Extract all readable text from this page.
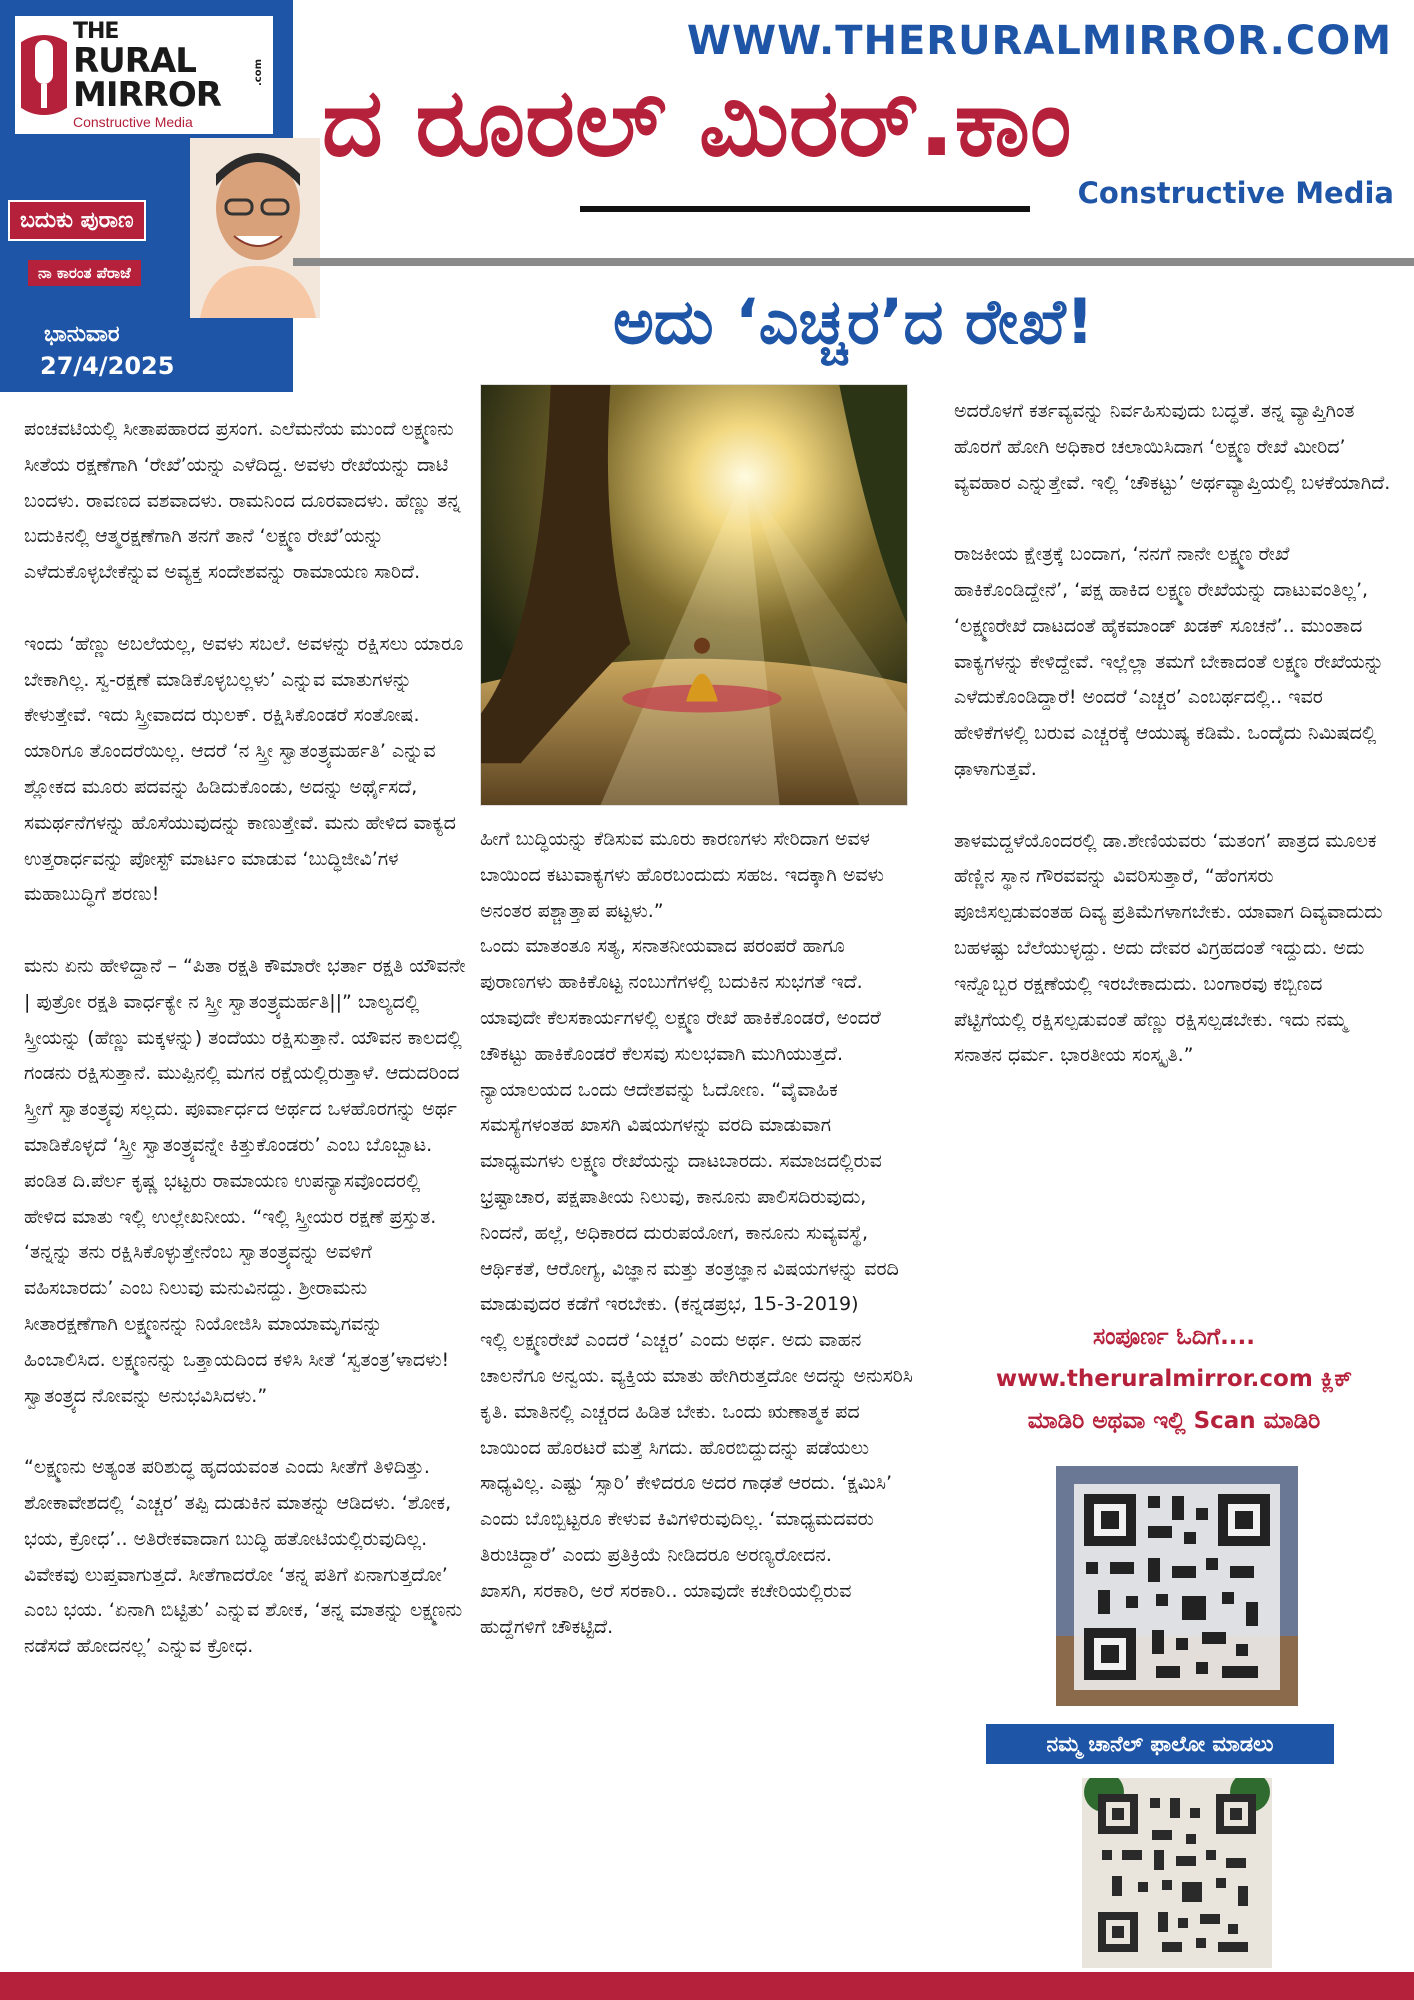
THE
RURAL
MIRROR
Constructive Media
.com
ಬದುಕು ಪುರಾಣ
ನಾ ಕಾರಂತ ಪೆರಾಜೆ
ಭಾನುವಾರ
27/4/2025
WWW.THERURALMIRROR.COM
ದ ರೂರಲ್ ಮಿರರ್.ಕಾಂ
Constructive Media
ಅದು ‘ಎಚ್ಚರ’ದ ರೇಖೆ!

ಪಂಚವಟಿಯಲ್ಲಿ ಸೀತಾಪಹಾರದ ಪ್ರಸಂಗ. ಎಲೆಮನೆಯ ಮುಂದೆ ಲಕ್ಷ್ಮಣನು ಸೀತೆಯ ರಕ್ಷಣೆಗಾಗಿ ‘ರೇಖೆ’ಯನ್ನು ಎಳೆದಿದ್ದ. ಅವಳು ರೇಖೆಯನ್ನು ದಾಟಿ ಬಂದಳು. ರಾವಣದ ವಶವಾದಳು. ರಾಮನಿಂದ ದೂರವಾದಳು. ಹೆಣ್ಣು ತನ್ನ ಬದುಕಿನಲ್ಲಿ ಆತ್ಮರಕ್ಷಣೆಗಾಗಿ ತನಗೆ ತಾನೆ ‘ಲಕ್ಷ್ಮಣ ರೇಖೆ’ಯನ್ನು ಎಳೆದುಕೊಳ್ಳಬೇಕೆನ್ನುವ ಅವ್ಯಕ್ತ ಸಂದೇಶವನ್ನು ರಾಮಾಯಣ ಸಾರಿದೆ.

ಇಂದು ‘ಹೆಣ್ಣು ಅಬಲೆಯಲ್ಲ, ಅವಳು ಸಬಲೆ. ಅವಳನ್ನು ರಕ್ಷಿಸಲು ಯಾರೂ ಬೇಕಾಗಿಲ್ಲ. ಸ್ವ-ರಕ್ಷಣೆ ಮಾಡಿಕೊಳ್ಳಬಲ್ಲಳು’ ಎನ್ನುವ ಮಾತುಗಳನ್ನು ಕೇಳುತ್ತೇವೆ. ಇದು ಸ್ತ್ರೀವಾದದ ಝಲಕ್. ರಕ್ಷಿಸಿಕೊಂಡರೆ ಸಂತೋಷ. ಯಾರಿಗೂ ತೊಂದರೆಯಿಲ್ಲ. ಆದರೆ ‘ನ ಸ್ತ್ರೀ ಸ್ವಾತಂತ್ರ್ಯಮರ್ಹತಿ’ ಎನ್ನುವ ಶ್ಲೋಕದ ಮೂರು ಪದವನ್ನು ಹಿಡಿದುಕೊಂಡು, ಅದನ್ನು ಅರ್ಥೈಸದೆ, ಸಮರ್ಥನೆಗಳನ್ನು ಹೊಸೆಯುವುದನ್ನು ಕಾಣುತ್ತೇವೆ. ಮನು ಹೇಳಿದ ವಾಕ್ಯದ ಉತ್ತರಾರ್ಧವನ್ನು ಪೋಸ್ಟ್ ಮಾರ್ಟಂ ಮಾಡುವ ‘ಬುದ್ಧಿಜೀವಿ’ಗಳ ಮಹಾಬುದ್ಧಿಗೆ ಶರಣು!

ಮನು ಏನು ಹೇಳಿದ್ದಾನೆ – “ಪಿತಾ ರಕ್ಷತಿ ಕೌಮಾರೇ ಭರ್ತಾ ರಕ್ಷತಿ ಯೌವನೇ | ಪುತ್ರೋ ರಕ್ಷತಿ ವಾರ್ಧಕ್ಯೇ ನ ಸ್ತ್ರೀ ಸ್ವಾತಂತ್ರ್ಯಮರ್ಹತಿ||” ಬಾಲ್ಯದಲ್ಲಿ ಸ್ತ್ರೀಯನ್ನು (ಹೆಣ್ಣು ಮಕ್ಕಳನ್ನು) ತಂದೆಯು ರಕ್ಷಿಸುತ್ತಾನೆ. ಯೌವನ ಕಾಲದಲ್ಲಿ ಗಂಡನು ರಕ್ಷಿಸುತ್ತಾನೆ. ಮುಪ್ಪಿನಲ್ಲಿ ಮಗನ ರಕ್ಷೆಯಲ್ಲಿರುತ್ತಾಳೆ. ಆದುದರಿಂದ ಸ್ತ್ರೀಗೆ ಸ್ವಾತಂತ್ರ್ಯವು ಸಲ್ಲದು. ಪೂರ್ವಾರ್ಧದ ಅರ್ಥದ ಒಳಹೊರಗನ್ನು ಅರ್ಥ ಮಾಡಿಕೊಳ್ಳದೆ ‘ಸ್ತ್ರೀ ಸ್ವಾತಂತ್ರ್ಯವನ್ನೇ ಕಿತ್ತುಕೊಂಡರು’ ಎಂಬ ಬೊಬ್ಬಾಟ.

ಪಂಡಿತ ದಿ.ಪೆರ್ಲ ಕೃಷ್ಣ ಭಟ್ಟರು ರಾಮಾಯಣ ಉಪನ್ಯಾಸವೊಂದರಲ್ಲಿ ಹೇಳಿದ ಮಾತು ಇಲ್ಲಿ ಉಲ್ಲೇಖನೀಯ. “ಇಲ್ಲಿ ಸ್ತ್ರೀಯರ ರಕ್ಷಣೆ ಪ್ರಸ್ತುತ. ‘ತನ್ನನ್ನು ತನು ರಕ್ಷಿಸಿಕೊಳ್ಳುತ್ತೇನೆಂಬ ಸ್ವಾತಂತ್ರ್ಯವನ್ನು ಅವಳಿಗೆ ವಹಿಸಬಾರದು’ ಎಂಬ ನಿಲುವು ಮನುವಿನದ್ದು. ಶ್ರೀರಾಮನು ಸೀತಾರಕ್ಷಣೆಗಾಗಿ ಲಕ್ಷ್ಮಣನನ್ನು ನಿಯೋಜಿಸಿ ಮಾಯಾಮೃಗವನ್ನು ಹಿಂಬಾಲಿಸಿದ. ಲಕ್ಷ್ಮಣನನ್ನು ಒತ್ತಾಯದಿಂದ ಕಳಿಸಿ ಸೀತೆ ‘ಸ್ವತಂತ್ರ’ಳಾದಳು! ಸ್ವಾತಂತ್ರ್ಯದ ನೋವನ್ನು ಅನುಭವಿಸಿದಳು.”

“ಲಕ್ಷ್ಮಣನು ಅತ್ಯಂತ ಪರಿಶುದ್ಧ ಹೃದಯವಂತ ಎಂದು ಸೀತೆಗೆ ತಿಳಿದಿತ್ತು. ಶೋಕಾವೇಶದಲ್ಲಿ ‘ಎಚ್ಚರ’ ತಪ್ಪಿ ದುಡುಕಿನ ಮಾತನ್ನು ಆಡಿದಳು. ‘ಶೋಕ, ಭಯ, ಕ್ರೋಧ’.. ಅತಿರೇಕವಾದಾಗ ಬುದ್ಧಿ ಹತೋಟಿಯಲ್ಲಿರುವುದಿಲ್ಲ. ವಿವೇಕವು ಲುಪ್ತವಾಗುತ್ತದೆ. ಸೀತೆಗಾದರೋ ‘ತನ್ನ ಪತಿಗೆ ಏನಾಗುತ್ತದೋ’ ಎಂಬ ಭಯ. ‘ಏನಾಗಿ ಬಿಟ್ಟಿತು’ ಎನ್ನುವ ಶೋಕ, ‘ತನ್ನ ಮಾತನ್ನು ಲಕ್ಷ್ಮಣನು ನಡೆಸದೆ ಹೋದನಲ್ಲ’ ಎನ್ನುವ ಕ್ರೋಧ.

ಹೀಗೆ ಬುದ್ಧಿಯನ್ನು ಕೆಡಿಸುವ ಮೂರು ಕಾರಣಗಳು ಸೇರಿದಾಗ ಅವಳ ಬಾಯಿಂದ ಕಟುವಾಕ್ಯಗಳು ಹೊರಬಂದುದು ಸಹಜ. ಇದಕ್ಕಾಗಿ ಅವಳು ಅನಂತರ ಪಶ್ಚಾತ್ತಾಪ ಪಟ್ಟಳು.”

ಒಂದು ಮಾತಂತೂ ಸತ್ಯ, ಸನಾತನೀಯವಾದ ಪರಂಪರೆ ಹಾಗೂ ಪುರಾಣಗಳು ಹಾಕಿಕೊಟ್ಟ ನಂಬುಗೆಗಳಲ್ಲಿ ಬದುಕಿನ ಸುಭಗತೆ ಇದೆ. ಯಾವುದೇ ಕೆಲಸಕಾರ್ಯಗಳಲ್ಲಿ ಲಕ್ಷ್ಮಣ ರೇಖೆ ಹಾಕಿಕೊಂಡರೆ, ಅಂದರೆ ಚೌಕಟ್ಟು ಹಾಕಿಕೊಂಡರೆ ಕೆಲಸವು ಸುಲಭವಾಗಿ ಮುಗಿಯುತ್ತದೆ.

ನ್ಯಾಯಾಲಯದ ಒಂದು ಆದೇಶವನ್ನು ಓದೋಣ. “ವೈವಾಹಿಕ ಸಮಸ್ಯೆಗಳಂತಹ ಖಾಸಗಿ ವಿಷಯಗಳನ್ನು ವರದಿ ಮಾಡುವಾಗ ಮಾಧ್ಯಮಗಳು ಲಕ್ಷ್ಮಣ ರೇಖೆಯನ್ನು ದಾಟಬಾರದು. ಸಮಾಜದಲ್ಲಿರುವ ಭ್ರಷ್ಟಾಚಾರ, ಪಕ್ಷಪಾತೀಯ ನಿಲುವು, ಕಾನೂನು ಪಾಲಿಸದಿರುವುದು, ನಿಂದನೆ, ಹಲ್ಲೆ, ಅಧಿಕಾರದ ದುರುಪಯೋಗ, ಕಾನೂನು ಸುವ್ಯವಸ್ಥೆ, ಆರ್ಥಿಕತೆ, ಆರೋಗ್ಯ, ವಿಜ್ಞಾನ ಮತ್ತು ತಂತ್ರಜ್ಞಾನ ವಿಷಯಗಳನ್ನು ವರದಿ ಮಾಡುವುದರ ಕಡೆಗೆ ಇರಬೇಕು. (ಕನ್ನಡಪ್ರಭ, 15-3-2019)

ಇಲ್ಲಿ ಲಕ್ಷ್ಮಣರೇಖೆ ಎಂದರೆ ‘ಎಚ್ಚರ’ ಎಂದು ಅರ್ಥ. ಅದು ವಾಹನ ಚಾಲನೆಗೂ ಅನ್ವಯ. ವ್ಯಕ್ತಿಯ ಮಾತು ಹೇಗಿರುತ್ತದೋ ಅದನ್ನು ಅನುಸರಿಸಿ ಕೃತಿ. ಮಾತಿನಲ್ಲಿ ಎಚ್ಚರದ ಹಿಡಿತ ಬೇಕು. ಒಂದು ಋಣಾತ್ಮಕ ಪದ ಬಾಯಿಂದ ಹೊರಟರೆ ಮತ್ತೆ ಸಿಗದು. ಹೊರಬಿದ್ದುದನ್ನು ಪಡೆಯಲು ಸಾಧ್ಯವಿಲ್ಲ. ಎಷ್ಟು ‘ಸ್ಸಾರಿ’ ಕೇಳಿದರೂ ಅದರ ಗಾಢತೆ ಆರದು. ‘ಕ್ಷಮಿಸಿ’ ಎಂದು ಬೊಬ್ಬಿಟ್ಟರೂ ಕೇಳುವ ಕಿವಿಗಳಿರುವುದಿಲ್ಲ. ‘ಮಾಧ್ಯಮದವರು ತಿರುಚಿದ್ದಾರೆ’ ಎಂದು ಪ್ರತಿಕ್ರಿಯೆ ನೀಡಿದರೂ ಅರಣ್ಯರೋದನ.

ಖಾಸಗಿ, ಸರಕಾರಿ, ಅರೆ ಸರಕಾರಿ.. ಯಾವುದೇ ಕಚೇರಿಯಲ್ಲಿರುವ ಹುದ್ದೆಗಳಿಗೆ ಚೌಕಟ್ಟಿದೆ.

ಅದರೊಳಗೆ ಕರ್ತವ್ಯವನ್ನು ನಿರ್ವಹಿಸುವುದು ಬದ್ಧತೆ. ತನ್ನ ವ್ಯಾಪ್ತಿಗಿಂತ ಹೊರಗೆ ಹೋಗಿ ಅಧಿಕಾರ ಚಲಾಯಿಸಿದಾಗ ‘ಲಕ್ಷ್ಮಣ ರೇಖೆ ಮೀರಿದ’ ವ್ಯವಹಾರ ಎನ್ನುತ್ತೇವೆ. ಇಲ್ಲಿ ‘ಚೌಕಟ್ಟು’ ಅರ್ಥವ್ಯಾಪ್ತಿಯಲ್ಲಿ ಬಳಕೆಯಾಗಿದೆ.

ರಾಜಕೀಯ ಕ್ಷೇತ್ರಕ್ಕೆ ಬಂದಾಗ, ‘ನನಗೆ ನಾನೇ ಲಕ್ಷ್ಮಣ ರೇಖೆ ಹಾಕಿಕೊಂಡಿದ್ದೇನೆ’, ‘ಪಕ್ಷ ಹಾಕಿದ ಲಕ್ಷ್ಮಣ ರೇಖೆಯನ್ನು ದಾಟುವಂತಿಲ್ಲ’, ‘ಲಕ್ಷ್ಮಣರೇಖೆ ದಾಟದಂತೆ ಹೈಕಮಾಂಡ್ ಖಡಕ್ ಸೂಚನೆ’.. ಮುಂತಾದ ವಾಕ್ಯಗಳನ್ನು ಕೇಳಿದ್ದೇವೆ. ಇಲ್ಲೆಲ್ಲಾ ತಮಗೆ ಬೇಕಾದಂತೆ ಲಕ್ಷ್ಮಣ ರೇಖೆಯನ್ನು ಎಳೆದುಕೊಂಡಿದ್ದಾರೆ! ಅಂದರೆ ‘ಎಚ್ಚರ’ ಎಂಬರ್ಥದಲ್ಲಿ.. ಇವರ ಹೇಳಿಕೆಗಳಲ್ಲಿ ಬರುವ ಎಚ್ಚರಕ್ಕೆ ಆಯುಷ್ಯ ಕಡಿಮೆ. ಒಂದೈದು ನಿಮಿಷದಲ್ಲಿ ಢಾಳಾಗುತ್ತವೆ.

ತಾಳಮದ್ದಳೆಯೊಂದರಲ್ಲಿ ಡಾ.ಶೇಣಿಯವರು ‘ಮತಂಗ’ ಪಾತ್ರದ ಮೂಲಕ ಹೆಣ್ಣಿನ ಸ್ಥಾನ ಗೌರವವನ್ನು ವಿವರಿಸುತ್ತಾರೆ, “ಹೆಂಗಸರು ಪೂಜಿಸಲ್ಪಡುವಂತಹ ದಿವ್ಯ ಪ್ರತಿಮೆಗಳಾಗಬೇಕು. ಯಾವಾಗ ದಿವ್ಯವಾದುದು ಬಹಳಷ್ಟು ಬೆಲೆಯುಳ್ಳದ್ದು. ಅದು ದೇವರ ವಿಗ್ರಹದಂತೆ ಇದ್ದುದು. ಅದು ಇನ್ನೊಬ್ಬರ ರಕ್ಷಣೆಯಲ್ಲಿ ಇರಬೇಕಾದುದು. ಬಂಗಾರವು ಕಬ್ಬಿಣದ ಪೆಟ್ಟಿಗೆಯಲ್ಲಿ ರಕ್ಷಿಸಲ್ಪಡುವಂತೆ ಹೆಣ್ಣು ರಕ್ಷಿಸಲ್ಪಡಬೇಕು. ಇದು ನಮ್ಮ ಸನಾತನ ಧರ್ಮ. ಭಾರತೀಯ ಸಂಸ್ಕೃತಿ.”

ಸಂಪೂರ್ಣ ಓದಿಗೆ....
www.theruralmirror.com ಕ್ಲಿಕ್
ಮಾಡಿರಿ ಅಥವಾ ಇಲ್ಲಿ Scan ಮಾಡಿರಿ
ನಮ್ಮ ಚಾನೆಲ್ ಫಾಲೋ ಮಾಡಲು
